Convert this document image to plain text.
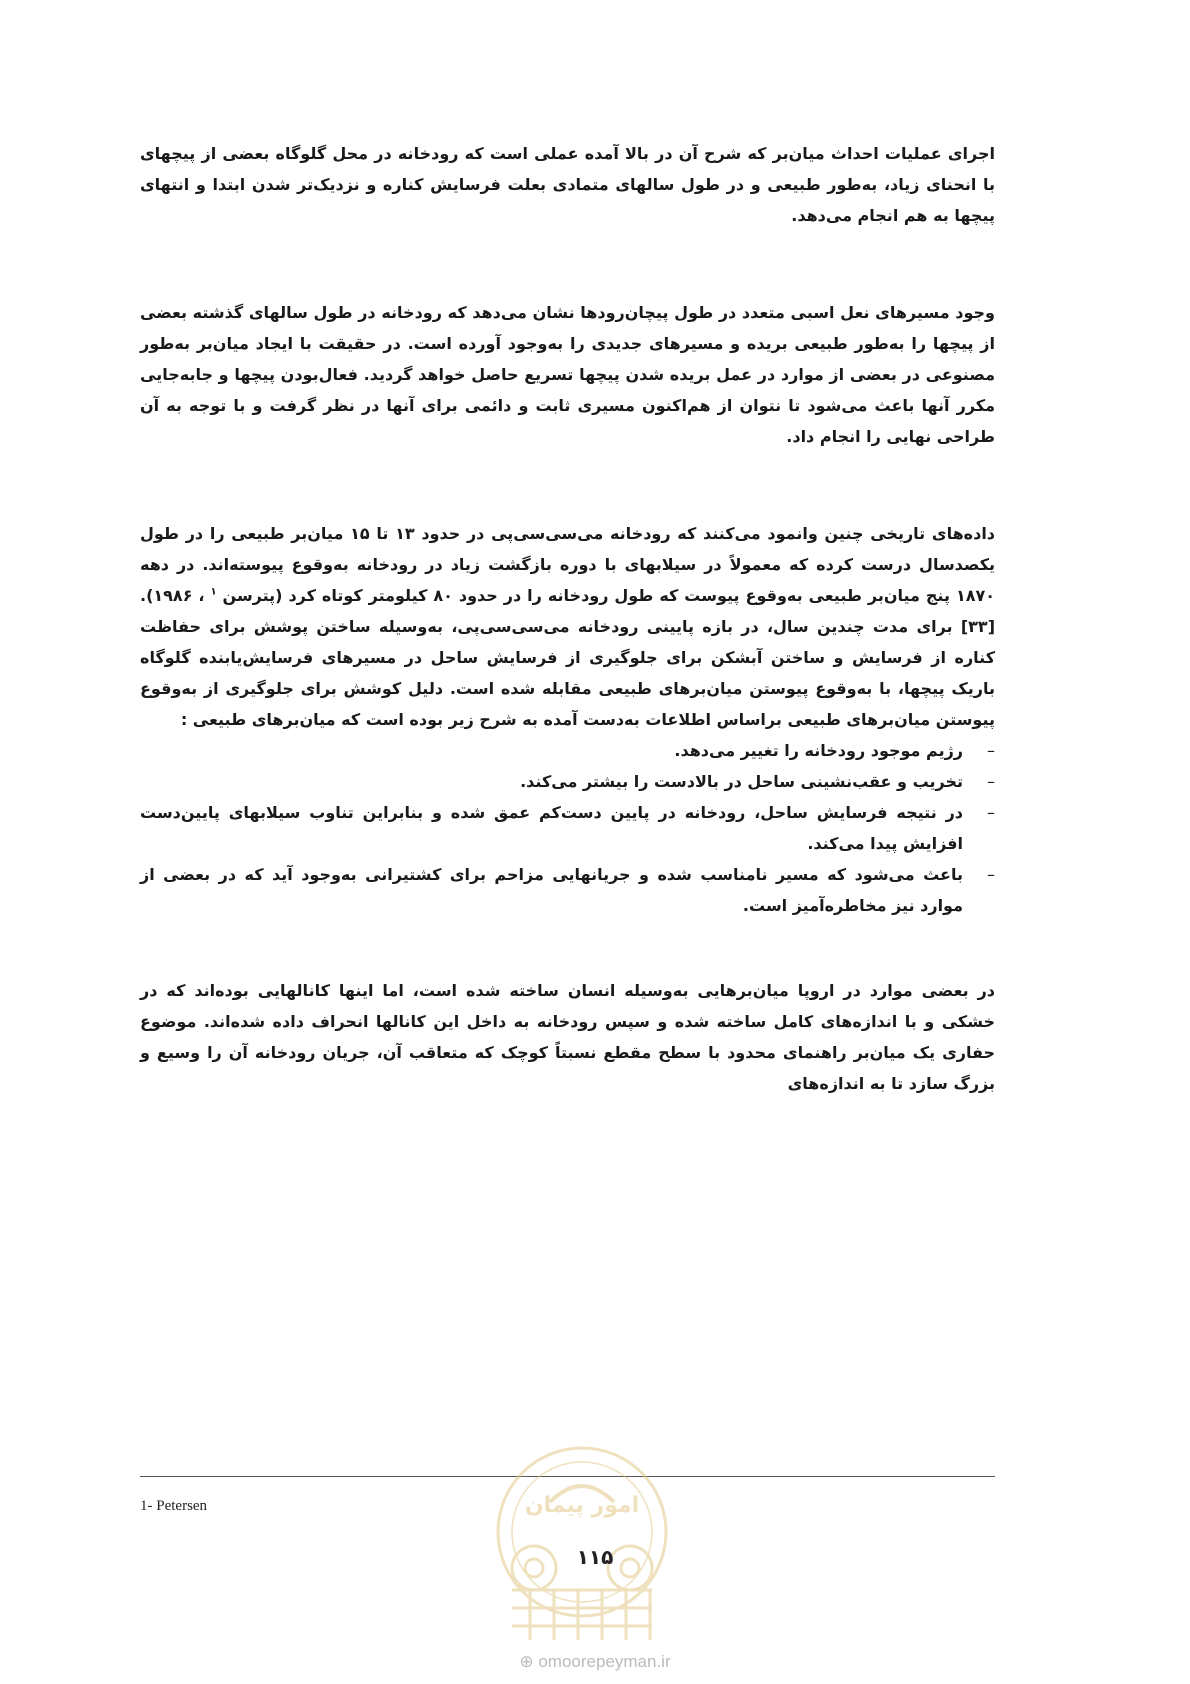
اجرای عملیات احداث میان‌بر که شرح آن در بالا آمده عملی است که رودخانه در محل گلوگاه بعضی از پیچهای با انحنای زیاد، به‌طور طبیعی و در طول سالهای متمادی بعلت فرسایش کناره و نزدیک‌تر شدن ابتدا و انتهای پیچها به هم انجام می‌دهد.

وجود مسیرهای نعل اسبی متعدد در طول پیچان‌رودها نشان می‌دهد که رودخانه در طول سالهای گذشته بعضی از پیچها را به‌طور طبیعی بریده و مسیرهای جدیدی را به‌وجود آورده است. در حقیقت با ایجاد میان‌بر به‌طور مصنوعی در بعضی از موارد در عمل بریده شدن پیچها تسریع حاصل خواهد گردید. فعال‌بودن پیچها و جابه‌جایی مکرر آنها باعث می‌شود تا نتوان از هم‌اکنون مسیری ثابت و دائمی برای آنها در نظر گرفت و با توجه به آن طراحی نهایی را انجام داد.

داده‌های تاریخی چنین وانمود می‌کنند که رودخانه می‌سی‌سی‌پی در حدود ۱۳ تا ۱۵ میان‌بر طبیعی را در طول یکصدسال درست کرده که معمولاً در سیلابهای با دوره بازگشت زیاد در رودخانه به‌وقوع پیوسته‌اند. در دهه ۱۸۷۰ پنج میان‌بر طبیعی به‌وقوع پیوست که طول رودخانه را در حدود ۸۰ کیلومتر کوتاه کرد (پترسن $^۱$ ، ۱۹۸۶). [۳۳] برای مدت چندین سال، در بازه پایینی رودخانه می‌سی‌سی‌پی، به‌وسیله ساختن پوشش برای حفاظت کناره از فرسایش و ساختن آبشکن برای جلوگیری از فرسایش ساحل در مسیرهای فرسایش‌یابنده گلوگاه باریک پیچها، با به‌وقوع پیوستن میان‌برهای طبیعی مقابله شده است. دلیل کوشش برای جلوگیری از به‌وقوع پیوستن میان‌برهای طبیعی براساس اطلاعات به‌دست آمده به شرح زیر بوده است که میان‌برهای طبیعی :

–
رژیم موجود رودخانه را تغییر می‌دهد.
–
تخریب و عقب‌نشینی ساحل در بالادست را بیشتر می‌کند.
–
در نتیجه فرسایش ساحل، رودخانه در پایین دست‌کم عمق شده و بنابراین تناوب سیلابهای پایین‌دست افزایش پیدا می‌کند.
–
باعث می‌شود که مسیر نامناسب شده و جریانهایی مزاحم برای کشتیرانی به‌وجود آید که در بعضی از موارد نیز مخاطره‌آمیز است.

در بعضی موارد در اروپا میان‌برهایی به‌وسیله انسان ساخته شده است، اما اینها کانالهایی بوده‌اند که در خشکی و با اندازه‌های کامل ساخته شده و سپس رودخانه به داخل این کانالها انحراف داده شده‌اند. موضوع حفاری یک میان‌بر راهنمای محدود با سطح مقطع نسبتاً کوچک که متعاقب آن، جریان رودخانه آن را وسیع و بزرگ سازد تا به اندازه‌های

1- Petersen	امور پیمان
۱۱۵
⊕ omoorepeyman.ir
